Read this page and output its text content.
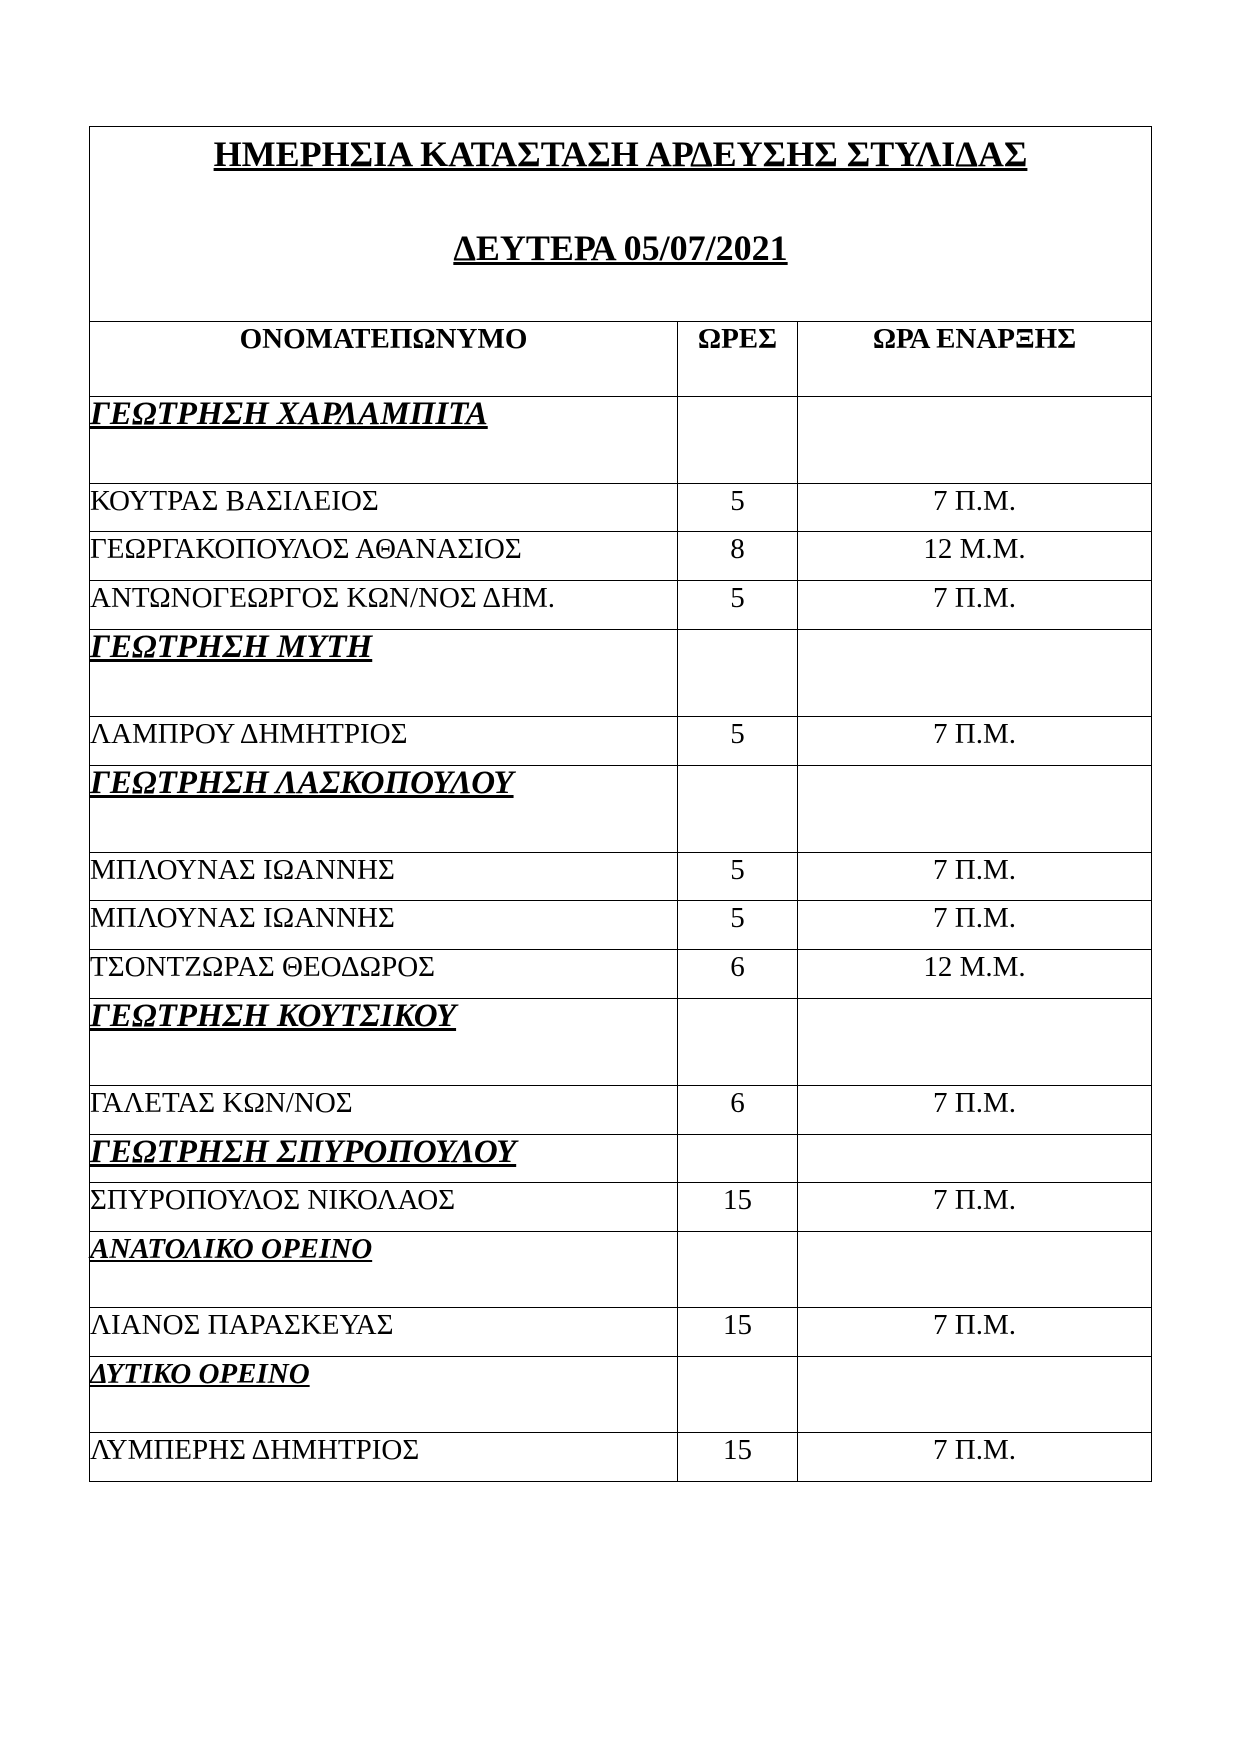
ΗΜΕΡΗΣΙΑ ΚΑΤΑΣΤΑΣΗ ΑΡΔΕΥΣΗΣ ΣΤΥΛΙΔΑΣ
ΔΕΥΤΕΡΑ 05/07/2021		

ΟΝΟΜΑΤΕΠΩΝΥΜΟ	ΩΡΕΣ	ΩΡΑ ΕΝΑΡΞΗΣ
ΓΕΩΤΡΗΣΗ ΧΑΡΛΑΜΠΙΤΑ		
ΚΟΥΤΡΑΣ ΒΑΣΙΛΕΙΟΣ	5	7 Π.Μ.
ΓΕΩΡΓΑΚΟΠΟΥΛΟΣ ΑΘΑΝΑΣΙΟΣ	8	12 Μ.Μ.
ΑΝΤΩΝΟΓΕΩΡΓΟΣ ΚΩΝ/ΝΟΣ ΔΗΜ.	5	7 Π.Μ.
ΓΕΩΤΡΗΣΗ ΜΥΤΗ		
ΛΑΜΠΡΟΥ ΔΗΜΗΤΡΙΟΣ	5	7 Π.Μ.
ΓΕΩΤΡΗΣΗ ΛΑΣΚΟΠΟΥΛΟΥ		
ΜΠΛΟΥΝΑΣ ΙΩΑΝΝΗΣ	5	7 Π.Μ.
ΜΠΛΟΥΝΑΣ ΙΩΑΝΝΗΣ	5	7 Π.Μ.
ΤΣΟΝΤΖΩΡΑΣ ΘΕΟΔΩΡΟΣ	6	12 Μ.Μ.
ΓΕΩΤΡΗΣΗ ΚΟΥΤΣΙΚΟΥ		
ΓΑΛΕΤΑΣ ΚΩΝ/ΝΟΣ	6	7 Π.Μ.
ΓΕΩΤΡΗΣΗ ΣΠΥΡΟΠΟΥΛΟΥ		
ΣΠΥΡΟΠΟΥΛΟΣ ΝΙΚΟΛΑΟΣ	15	7 Π.Μ.
ΑΝΑΤΟΛΙΚΟ ΟΡΕΙΝΟ		
ΛΙΑΝΟΣ ΠΑΡΑΣΚΕΥΑΣ	15	7 Π.Μ.
ΔΥΤΙΚΟ ΟΡΕΙΝΟ		
ΛΥΜΠΕΡΗΣ ΔΗΜΗΤΡΙΟΣ	15	7 Π.Μ.
